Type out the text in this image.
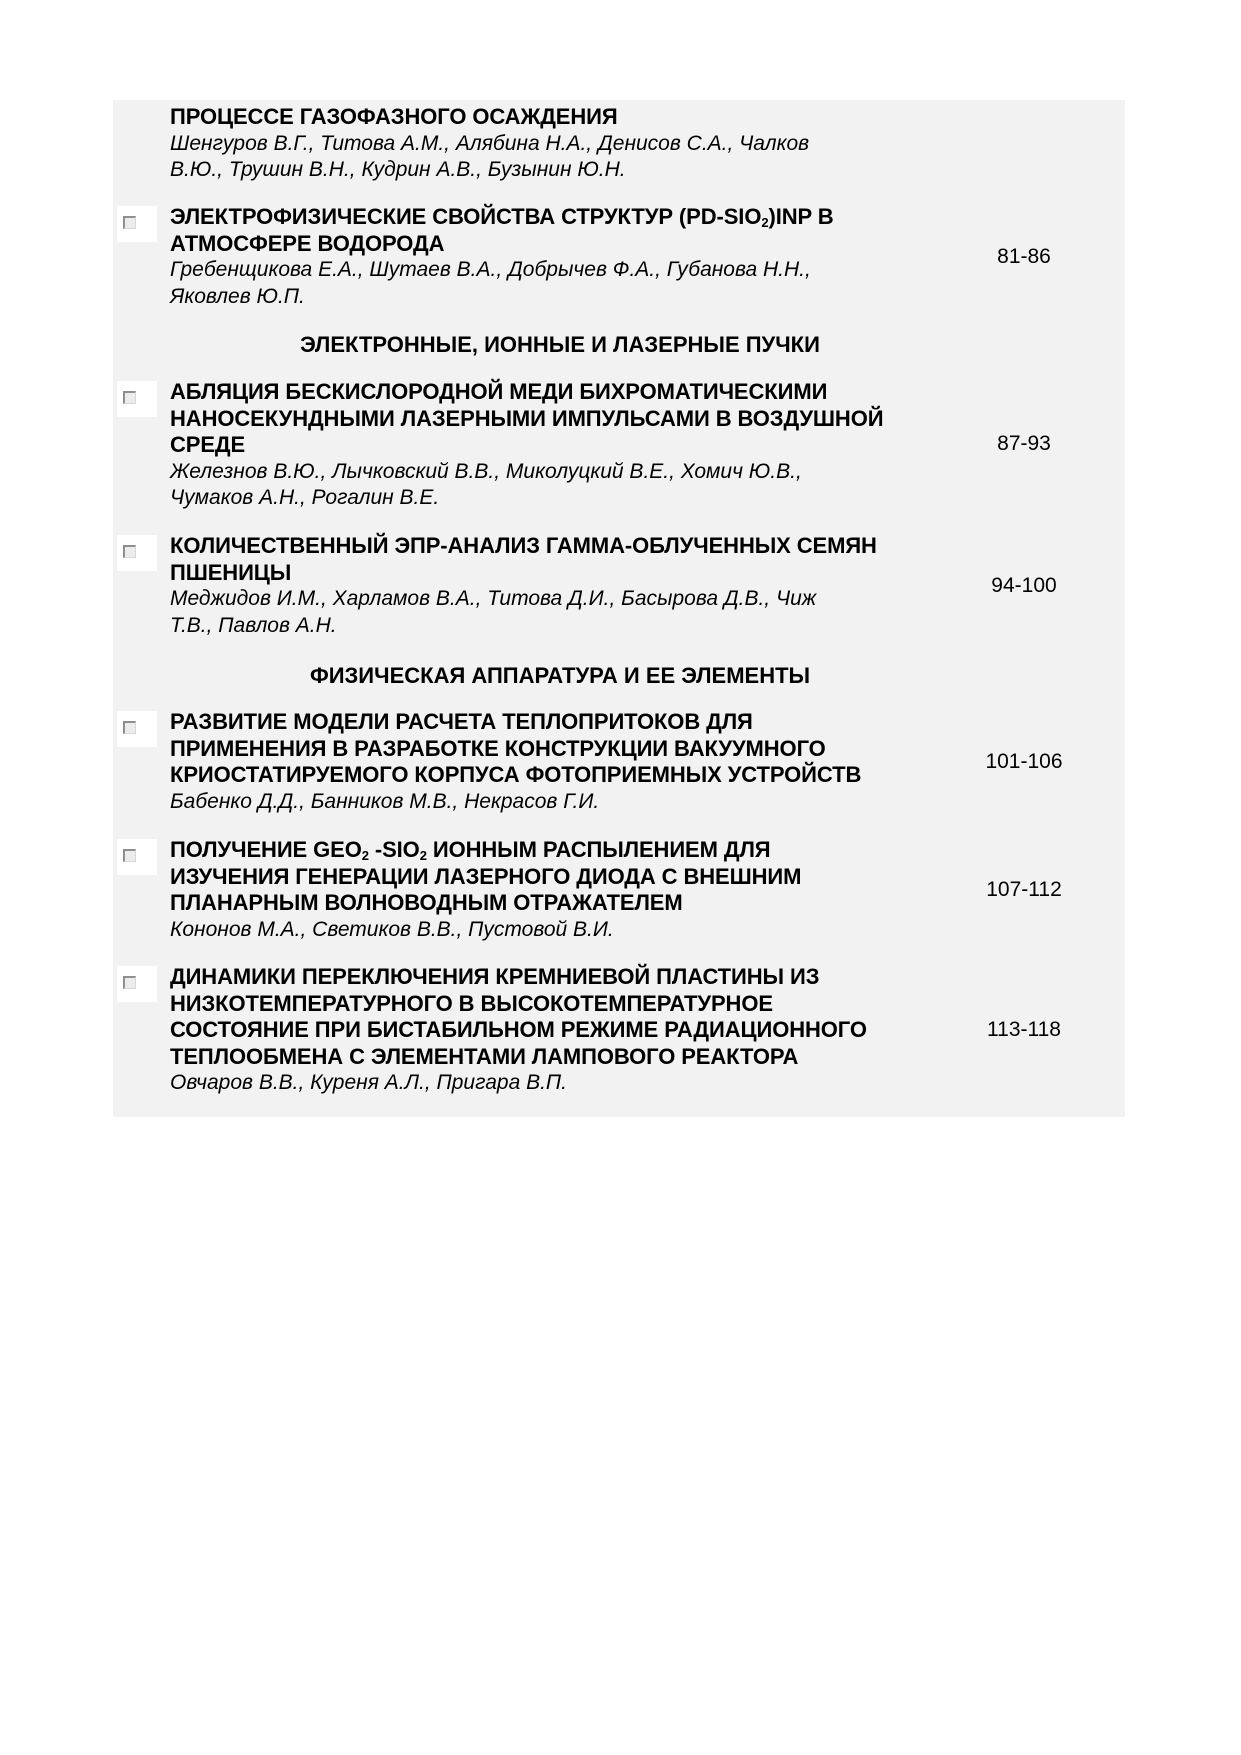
ПРОЦЕССЕ ГАЗОФАЗНОГО ОСАЖДЕНИЯ
Шенгуров В.Г., Титова А.М., Алябина Н.А., Денисов С.А., Чалков
В.Ю., Трушин В.Н., Кудрин А.В., Бузынин Ю.Н.
ЭЛЕКТРОФИЗИЧЕСКИЕ СВОЙСТВА СТРУКТУР $(PD-SIO_2)INP$ В
АТМОСФЕРЕ ВОДОРОДА
Гребенщикова Е.А., Шутаев В.А., Добрычев Ф.А., Губанова Н.Н.,
Яковлев Ю.П.
81-86
ЭЛЕКТРОННЫЕ, ИОННЫЕ И ЛАЗЕРНЫЕ ПУЧКИ
АБЛЯЦИЯ БЕСКИСЛОРОДНОЙ МЕДИ БИХРОМАТИЧЕСКИМИ
НАНОСЕКУНДНЫМИ ЛАЗЕРНЫМИ ИМПУЛЬСАМИ В ВОЗДУШНОЙ
СРЕДЕ
Железнов В.Ю., Лычковский В.В., Миколуцкий В.Е., Хомич Ю.В.,
Чумаков А.Н., Рогалин В.Е.
87-93
КОЛИЧЕСТВЕННЫЙ ЭПР-АНАЛИЗ ГАММА-ОБЛУЧЕННЫХ СЕМЯН
ПШЕНИЦЫ
Меджидов И.М., Харламов В.А., Титова Д.И., Басырова Д.В., Чиж
Т.В., Павлов А.Н.
94-100
ФИЗИЧЕСКАЯ АППАРАТУРА И ЕЕ ЭЛЕМЕНТЫ
РАЗВИТИЕ МОДЕЛИ РАСЧЕТА ТЕПЛОПРИТОКОВ ДЛЯ
ПРИМЕНЕНИЯ В РАЗРАБОТКЕ КОНСТРУКЦИИ ВАКУУМНОГО
КРИОСТАТИРУЕМОГО КОРПУСА ФОТОПРИЕМНЫХ УСТРОЙСТВ
Бабенко Д.Д., Банников М.В., Некрасов Г.И.
101-106
ПОЛУЧЕНИЕ $GEO_2$ $-SIO_2$ ИОННЫМ РАСПЫЛЕНИЕМ ДЛЯ
ИЗУЧЕНИЯ ГЕНЕРАЦИИ ЛАЗЕРНОГО ДИОДА С ВНЕШНИМ
ПЛАНАРНЫМ ВОЛНОВОДНЫМ ОТРАЖАТЕЛЕМ
Кононов М.А., Светиков В.В., Пустовой В.И.
107-112
ДИНАМИКИ ПЕРЕКЛЮЧЕНИЯ КРЕМНИЕВОЙ ПЛАСТИНЫ ИЗ
НИЗКОТЕМПЕРАТУРНОГО В ВЫСОКОТЕМПЕРАТУРНОЕ
СОСТОЯНИЕ ПРИ БИСТАБИЛЬНОМ РЕЖИМЕ РАДИАЦИОННОГО
ТЕПЛООБМЕНА С ЭЛЕМЕНТАМИ ЛАМПОВОГО РЕАКТОРА
Овчаров В.В., Куреня А.Л., Пригара В.П.
113-118
